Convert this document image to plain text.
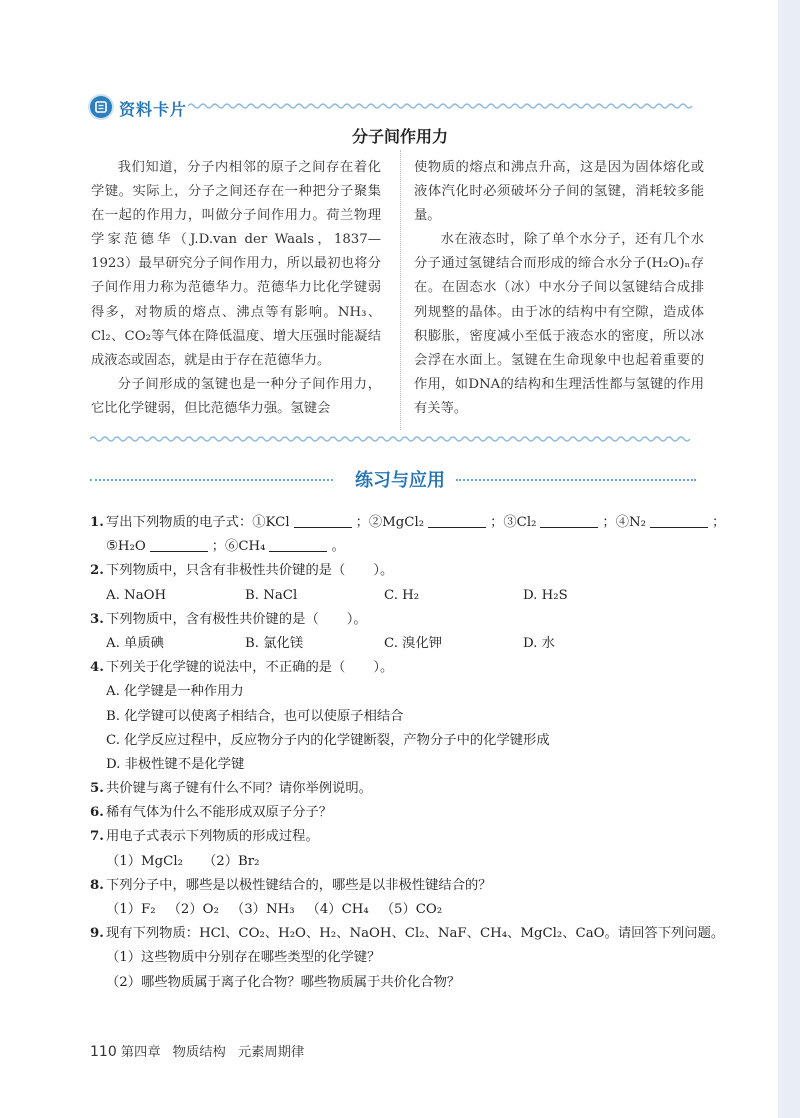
资料卡片
分子间作用力

我们知道，分子内相邻的原子之间存在着化学键。实际上，分子之间还存在一种把分子聚集在一起的作用力，叫做分子间作用力。荷兰物理学家范德华（J.D.van der Waals，1837—1923）最早研究分子间作用力，所以最初也将分子间作用力称为范德华力。范德华力比化学键弱得多，对物质的熔点、沸点等有影响。NH₃、Cl₂、CO₂等气体在降低温度、增大压强时能凝结成液态或固态，就是由于存在范德华力。

分子间形成的氢键也是一种分子间作用力，它比化学键弱，但比范德华力强。氢键会

使物质的熔点和沸点升高，这是因为固体熔化或液体汽化时必须破坏分子间的氢键，消耗较多能量。

水在液态时，除了单个水分子，还有几个水分子通过氢键结合而形成的缔合水分子(H₂O)ₙ存在。在固态水（冰）中水分子间以氢键结合成排列规整的晶体。由于冰的结构中有空隙，造成体积膨胀，密度减小至低于液态水的密度，所以冰会浮在水面上。氢键在生命现象中也起着重要的作用，如DNA的结构和生理活性都与氢键的作用有关等。

练习与应用
1. 写出下列物质的电子式：①KCl	；②MgCl₂	；③Cl₂	；④N₂	；
⑤H₂O	；⑥CH₄	。
2. 下列物质中，只含有非极性共价键的是（ ）。
A. NaOH	B. NaCl	C. H₂	D. H₂S
3. 下列物质中，含有极性共价键的是（ ）。
A. 单质碘	B. 氯化镁	C. 溴化钾	D. 水
4. 下列关于化学键的说法中，不正确的是（ ）。
A. 化学键是一种作用力
B. 化学键可以使离子相结合，也可以使原子相结合
C. 化学反应过程中，反应物分子内的化学键断裂，产物分子中的化学键形成
D. 非极性键不是化学键
5. 共价键与离子键有什么不同？请你举例说明。
6. 稀有气体为什么不能形成双原子分子？
7. 用电子式表示下列物质的形成过程。
（1）MgCl₂ （2）Br₂
8. 下列分子中，哪些是以极性键结合的，哪些是以非极性键结合的？
（1）F₂ （2）O₂ （3）NH₃ （4）CH₄ （5）CO₂
9. 现有下列物质：HCl、CO₂、H₂O、H₂、NaOH、Cl₂、NaF、CH₄、MgCl₂、CaO。请回答下列问题。
（1）这些物质中分别存在哪些类型的化学键？
（2）哪些物质属于离子化合物？哪些物质属于共价化合物？
110 第四章 物质结构 元素周期律
